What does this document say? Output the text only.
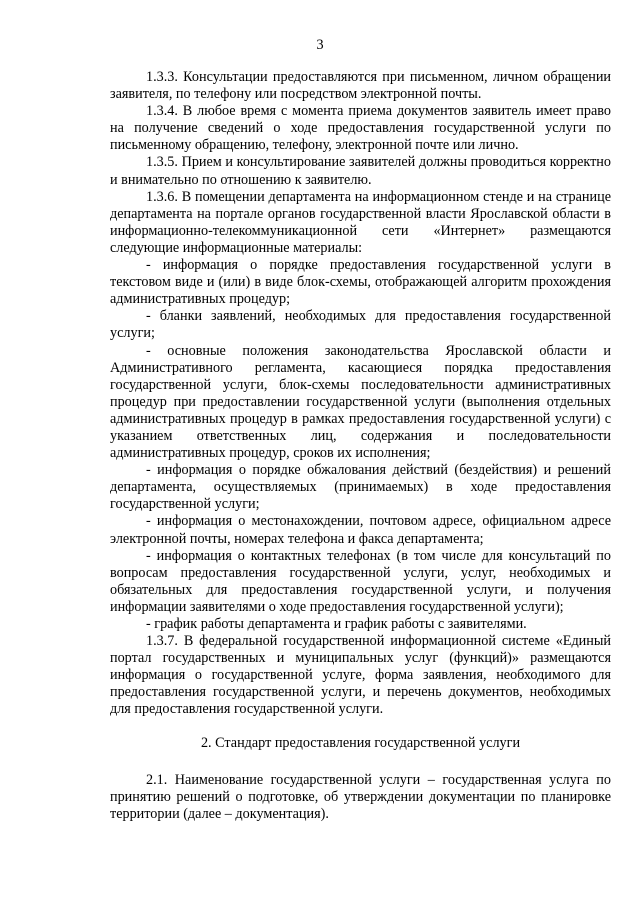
3

1.3.3. Консультации предоставляются при письменном, личном обращении заявителя, по телефону или посредством электронной почты.

1.3.4. В любое время с момента приема документов заявитель имеет право на получение сведений о ходе предоставления государственной услуги по письменному обращению, телефону, электронной почте или лично.

1.3.5. Прием и консультирование заявителей должны проводиться корректно и внимательно по отношению к заявителю.

1.3.6. В помещении департамента на информационном стенде и на странице департамента на портале органов государственной власти Ярославской области в информационно-телекоммуникационной сети «Интернет» размещаются следующие информационные материалы:

- информация о порядке предоставления государственной услуги в текстовом виде и (или) в виде блок-схемы, отображающей алгоритм прохождения административных процедур;

- бланки заявлений, необходимых для предоставления государственной услуги;

- основные положения законодательства Ярославской области и Административного регламента, касающиеся порядка предоставления государственной услуги, блок-схемы последовательности административных процедур при предоставлении государственной услуги (выполнения отдельных административных процедур в рамках предоставления государственной услуги) с указанием ответственных лиц, содержания и последовательности административных процедур, сроков их исполнения;

- информация о порядке обжалования действий (бездействия) и решений департамента, осуществляемых (принимаемых) в ходе предоставления государственной услуги;

- информация о местонахождении, почтовом адресе, официальном адресе электронной почты, номерах телефона и факса департамента;

- информация о контактных телефонах (в том числе для консультаций по вопросам предоставления государственной услуги, услуг, необходимых и обязательных для предоставления государственной услуги, и получения информации заявителями о ходе предоставления государственной услуги);

- график работы департамента и график работы с заявителями.

1.3.7. В федеральной государственной информационной системе «Единый портал государственных и муниципальных услуг (функций)» размещаются информация о государственной услуге, форма заявления, необходимого для предоставления государственной услуги, и перечень документов, необходимых для предоставления государственной услуги.

2. Стандарт предоставления государственной услуги

2.1. Наименование государственной услуги – государственная услуга по принятию решений о подготовке, об утверждении документации по планировке территории (далее – документация).
